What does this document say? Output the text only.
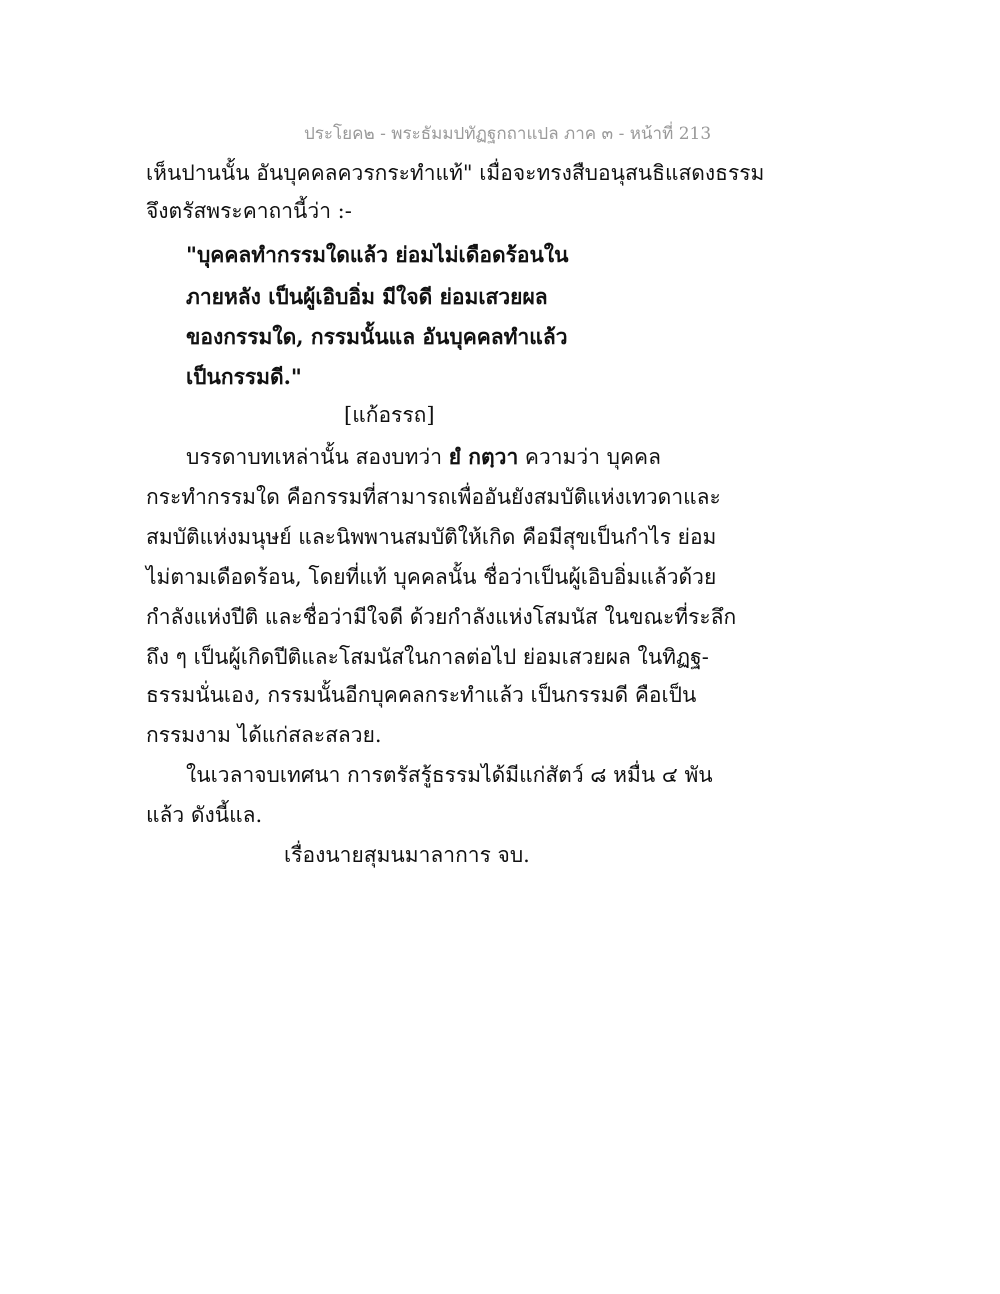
ประโยค๒ - พระธัมมปทัฏฐกถาแปล ภาค ๓ - หน้าที่ 213
เห็นปานนั้น อันบุคคลควรกระทำแท้" เมื่อจะทรงสืบอนุสนธิแสดงธรรม
จึงตรัสพระคาถานี้ว่า :-
"บุคคลทำกรรมใดแล้ว ย่อมไม่เดือดร้อนใน
ภายหลัง เป็นผู้เอิบอิ่ม มีใจดี ย่อมเสวยผล
ของกรรมใด, กรรมนั้นแล อันบุคคลทำแล้ว
เป็นกรรมดี."
[แก้อรรถ]
บรรดาบทเหล่านั้น สองบทว่า ยํ กตฺวา ความว่า บุคคล
กระทำกรรมใด คือกรรมที่สามารถเพื่ออันยังสมบัติแห่งเทวดาและ
สมบัติแห่งมนุษย์ และนิพพานสมบัติให้เกิด คือมีสุขเป็นกำไร ย่อม
ไม่ตามเดือดร้อน, โดยที่แท้ บุคคลนั้น ชื่อว่าเป็นผู้เอิบอิ่มแล้วด้วย
กำลังแห่งปีติ และชื่อว่ามีใจดี ด้วยกำลังแห่งโสมนัส ในขณะที่ระลึก
ถึง ๆ เป็นผู้เกิดปีติและโสมนัสในกาลต่อไป ย่อมเสวยผล ในทิฏฐ-
ธรรมนั่นเอง, กรรมนั้นอีกบุคคลกระทำแล้ว เป็นกรรมดี คือเป็น
กรรมงาม ได้แก่สละสลวย.
ในเวลาจบเทศนา การตรัสรู้ธรรมได้มีแก่สัตว์ ๘ หมื่น ๔ พัน
แล้ว ดังนี้แล.
เรื่องนายสุมนมาลาการ จบ.
